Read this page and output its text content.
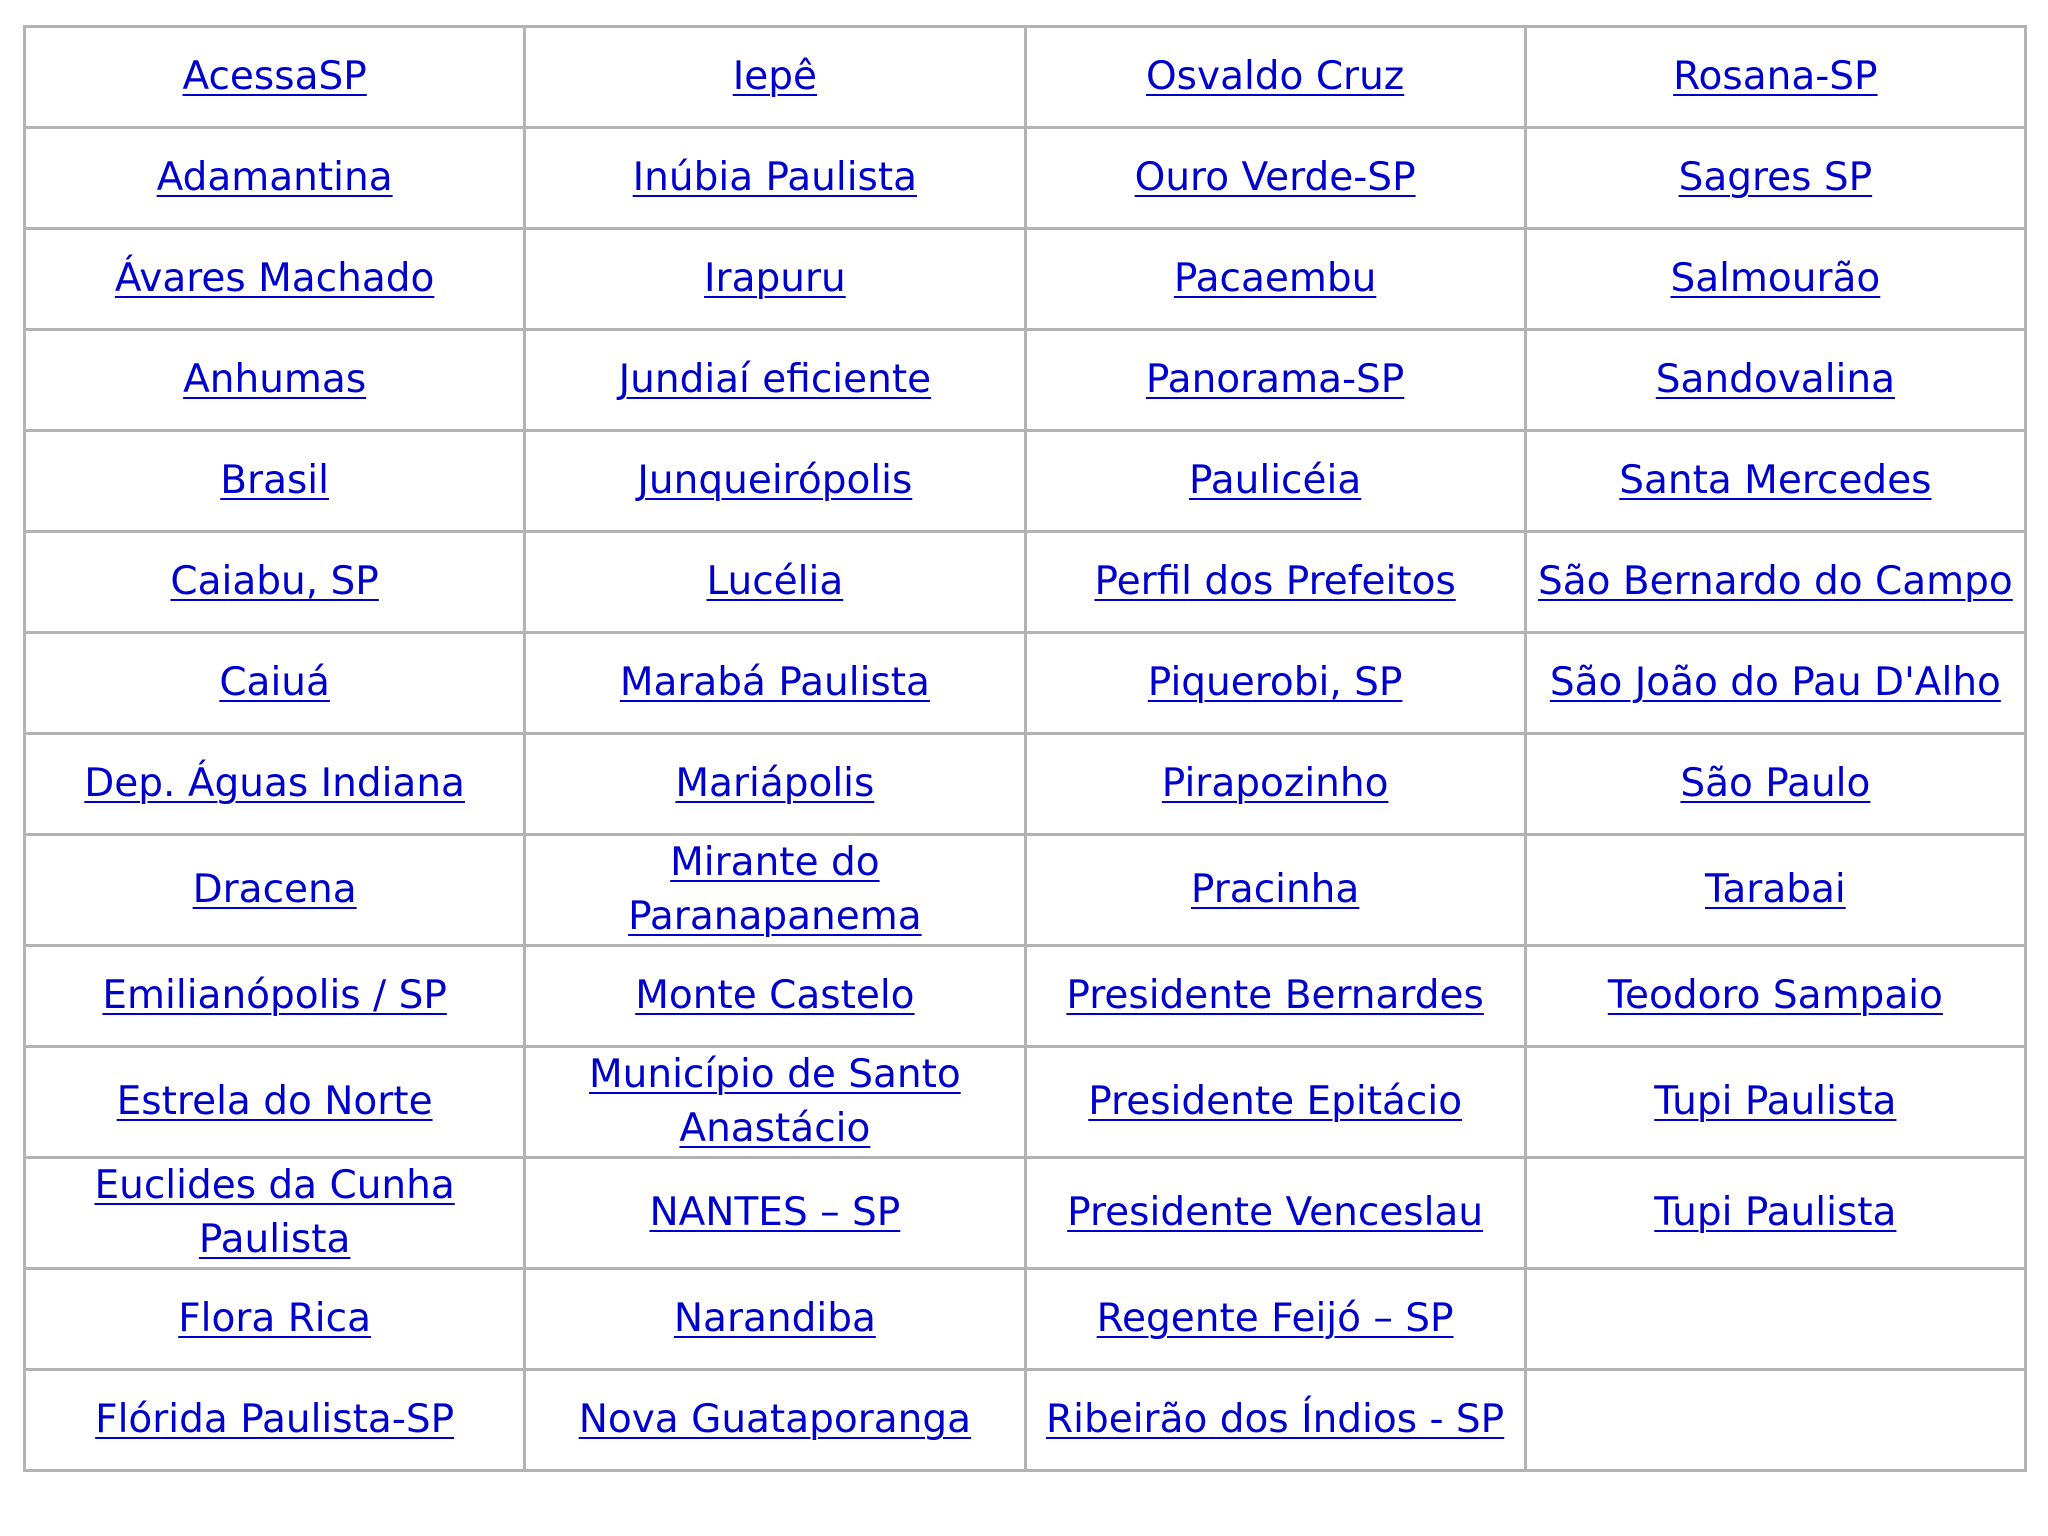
AcessaSP	Iepê	Osvaldo Cruz	Rosana-SP
Adamantina	Inúbia Paulista	Ouro Verde-SP	Sagres SP
Ávares Machado	Irapuru	Pacaembu	Salmourão
Anhumas	Jundiaí eficiente	Panorama-SP	Sandovalina
Brasil	Junqueirópolis	Paulicéia	Santa Mercedes
Caiabu, SP	Lucélia	Perfil dos Prefeitos	São Bernardo do Campo
Caiuá	Marabá Paulista	Piquerobi, SP	São João do Pau D'Alho
Dep. Águas Indiana	Mariápolis	Pirapozinho	São Paulo
Dracena	Mirante do Paranapanema	Pracinha	Tarabai
Emilianópolis / SP	Monte Castelo	Presidente Bernardes	Teodoro Sampaio
Estrela do Norte	Município de Santo Anastácio	Presidente Epitácio	Tupi Paulista
Euclides da Cunha Paulista	NANTES – SP	Presidente Venceslau	Tupi Paulista
Flora Rica	Narandiba	Regente Feijó – SP	
Flórida Paulista-SP	Nova Guataporanga	Ribeirão dos Índios - SP	
